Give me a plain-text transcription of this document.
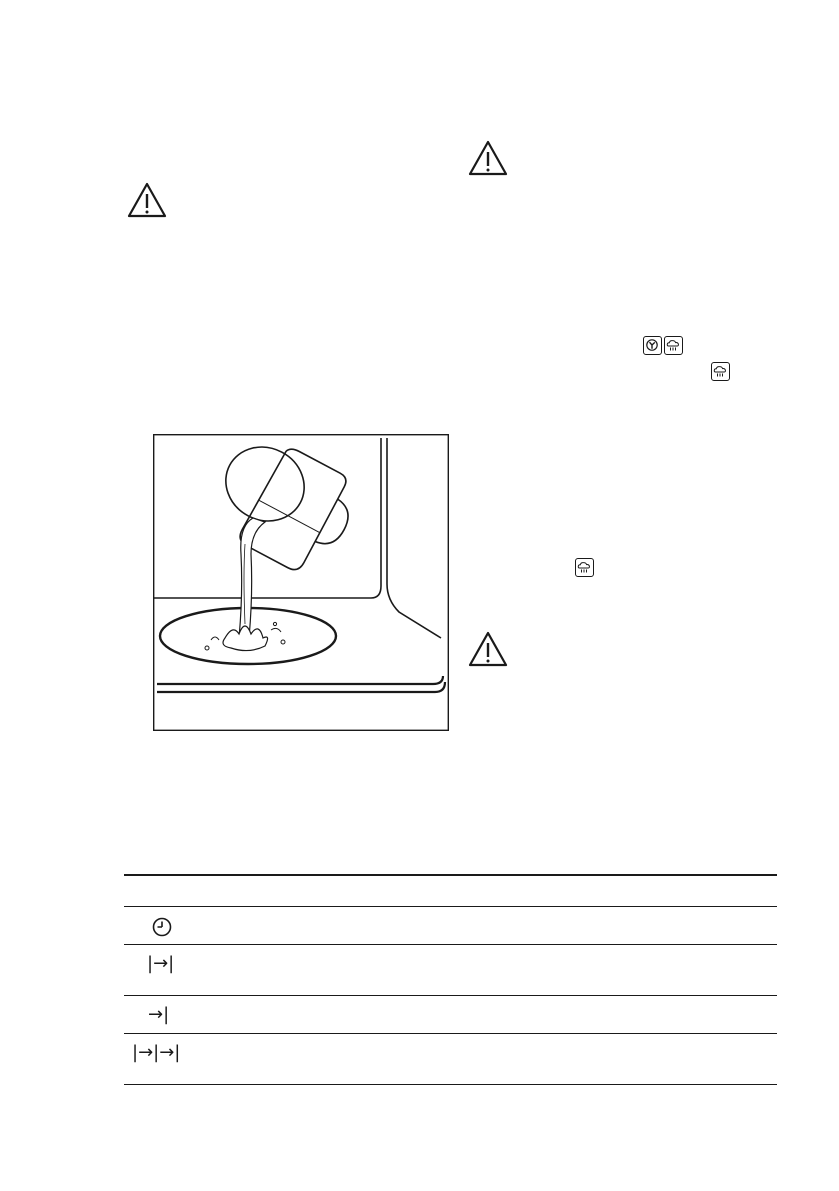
|→|
→|
|→|→|
